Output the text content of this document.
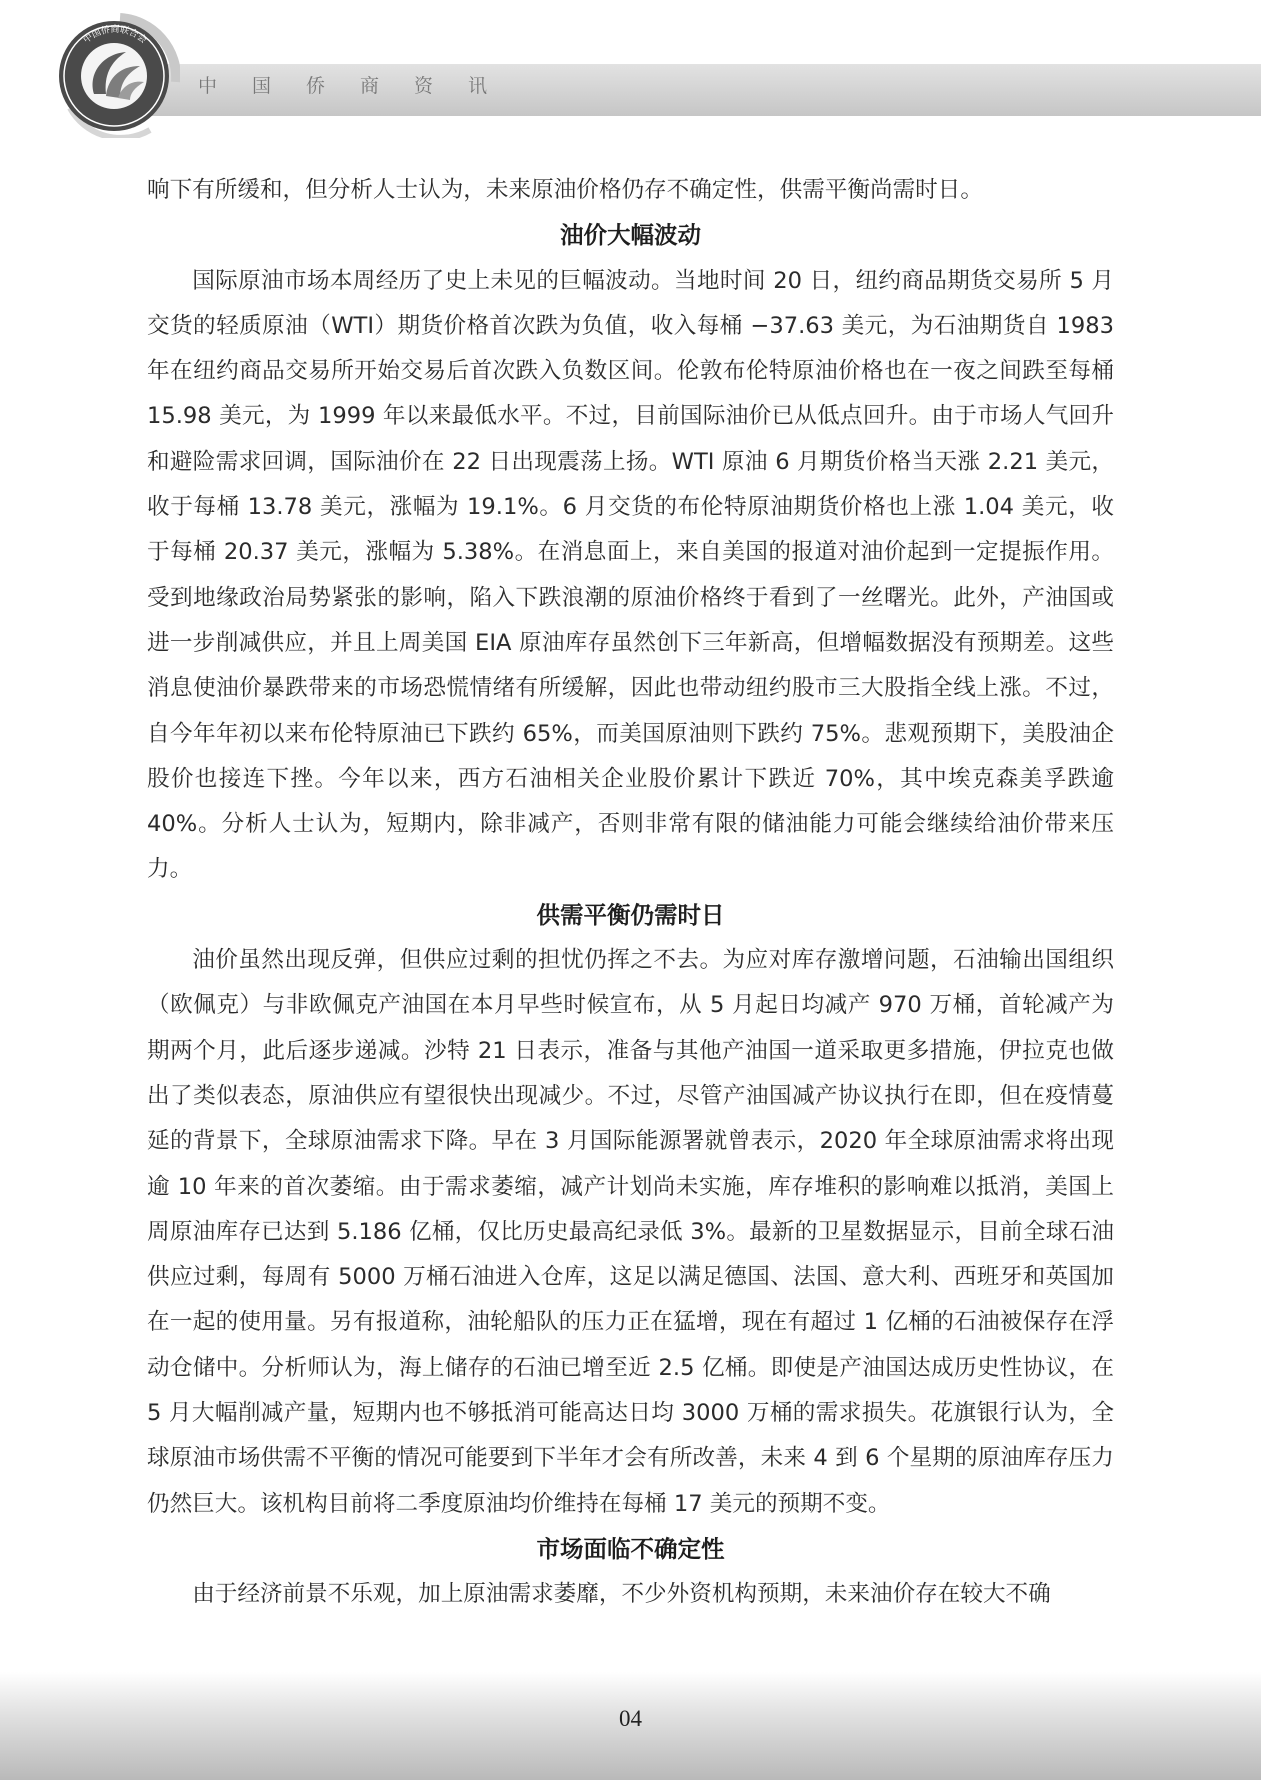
中国侨商资讯
中国侨商联合会

响下有所缓和，但分析人士认为，未来原油价格仍存不确定性，供需平衡尚需时日。

油价大幅波动

国际原油市场本周经历了史上未见的巨幅波动。当地时间 20 日，纽约商品期货交易所 5 月交货的轻质原油（WTI）期货价格首次跌为负值，收入每桶 −37.63 美元，为石油期货自 1983 年在纽约商品交易所开始交易后首次跌入负数区间。伦敦布伦特原油价格也在一夜之间跌至每桶 15.98 美元，为 1999 年以来最低水平。不过，目前国际油价已从低点回升。由于市场人气回升和避险需求回调，国际油价在 22 日出现震荡上扬。WTI 原油 6 月期货价格当天涨 2.21 美元，收于每桶 13.78 美元，涨幅为 19.1%。6 月交货的布伦特原油期货价格也上涨 1.04 美元，收于每桶 20.37 美元，涨幅为 5.38%。在消息面上，来自美国的报道对油价起到一定提振作用。受到地缘政治局势紧张的影响，陷入下跌浪潮的原油价格终于看到了一丝曙光。此外，产油国或进一步削减供应，并且上周美国 EIA 原油库存虽然创下三年新高，但增幅数据没有预期差。这些消息使油价暴跌带来的市场恐慌情绪有所缓解，因此也带动纽约股市三大股指全线上涨。不过，自今年年初以来布伦特原油已下跌约 65%，而美国原油则下跌约 75%。悲观预期下，美股油企股价也接连下挫。今年以来，西方石油相关企业股价累计下跌近 70%，其中埃克森美孚跌逾 40%。分析人士认为，短期内，除非减产，否则非常有限的储油能力可能会继续给油价带来压力。

供需平衡仍需时日

油价虽然出现反弹，但供应过剩的担忧仍挥之不去。为应对库存激增问题，石油输出国组织（欧佩克）与非欧佩克产油国在本月早些时候宣布，从 5 月起日均减产 970 万桶，首轮减产为期两个月，此后逐步递减。沙特 21 日表示，准备与其他产油国一道采取更多措施，伊拉克也做出了类似表态，原油供应有望很快出现减少。不过，尽管产油国减产协议执行在即，但在疫情蔓延的背景下，全球原油需求下降。早在 3 月国际能源署就曾表示，2020 年全球原油需求将出现逾 10 年来的首次萎缩。由于需求萎缩，减产计划尚未实施，库存堆积的影响难以抵消，美国上周原油库存已达到 5.186 亿桶，仅比历史最高纪录低 3%。最新的卫星数据显示，目前全球石油供应过剩，每周有 5000 万桶石油进入仓库，这足以满足德国、法国、意大利、西班牙和英国加在一起的使用量。另有报道称，油轮船队的压力正在猛增，现在有超过 1 亿桶的石油被保存在浮动仓储中。分析师认为，海上储存的石油已增至近 2.5 亿桶。即使是产油国达成历史性协议，在 5 月大幅削减产量，短期内也不够抵消可能高达日均 3000 万桶的需求损失。花旗银行认为，全球原油市场供需不平衡的情况可能要到下半年才会有所改善，未来 4 到 6 个星期的原油库存压力仍然巨大。该机构目前将二季度原油均价维持在每桶 17 美元的预期不变。

市场面临不确定性

由于经济前景不乐观，加上原油需求萎靡，不少外资机构预期，未来油价存在较大不确

04
